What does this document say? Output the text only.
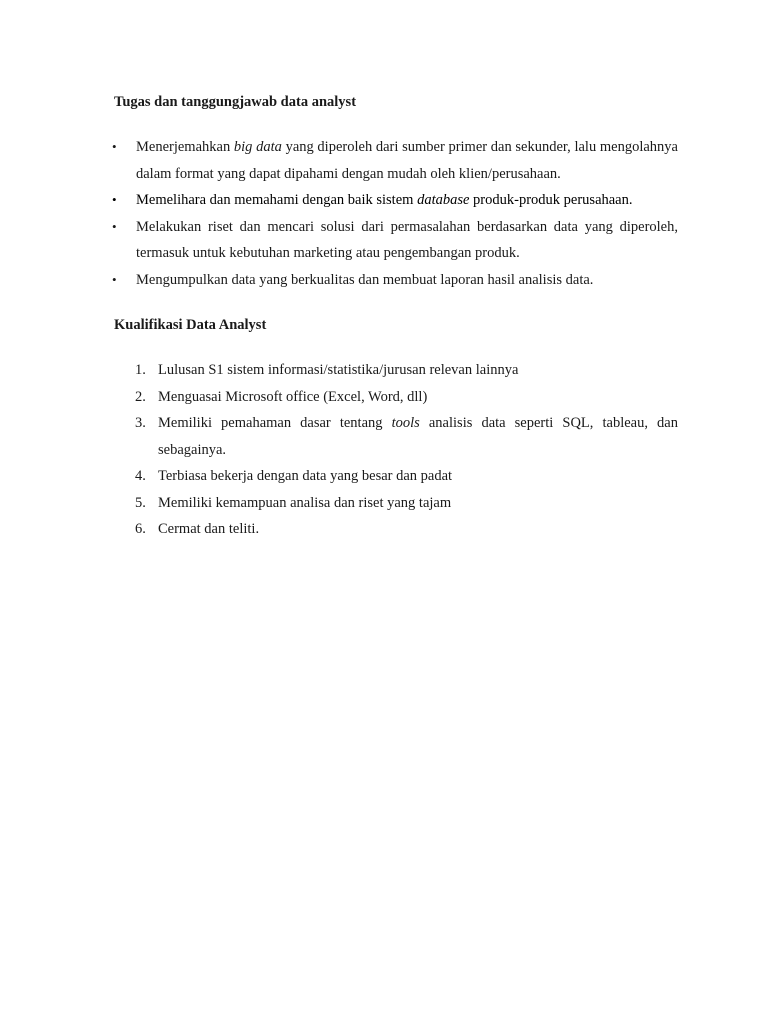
Tugas dan tanggungjawab data analyst
• Menerjemahkan big data yang diperoleh dari sumber primer dan sekunder, lalu mengolahnya dalam format yang dapat dipahami dengan mudah oleh klien/perusahaan.
• Memelihara dan memahami dengan baik sistem database produk-produk perusahaan.
• Melakukan riset dan mencari solusi dari permasalahan berdasarkan data yang diperoleh, termasuk untuk kebutuhan marketing atau pengembangan produk.
• Mengumpulkan data yang berkualitas dan membuat laporan hasil analisis data.
Kualifikasi Data Analyst
1. Lulusan S1 sistem informasi/statistika/jurusan relevan lainnya
2. Menguasai Microsoft office (Excel, Word, dll)
3. Memiliki pemahaman dasar tentang tools analisis data seperti SQL, tableau, dan sebagainya.
4. Terbiasa bekerja dengan data yang besar dan padat
5. Memiliki kemampuan analisa dan riset yang tajam
6. Cermat dan teliti.
